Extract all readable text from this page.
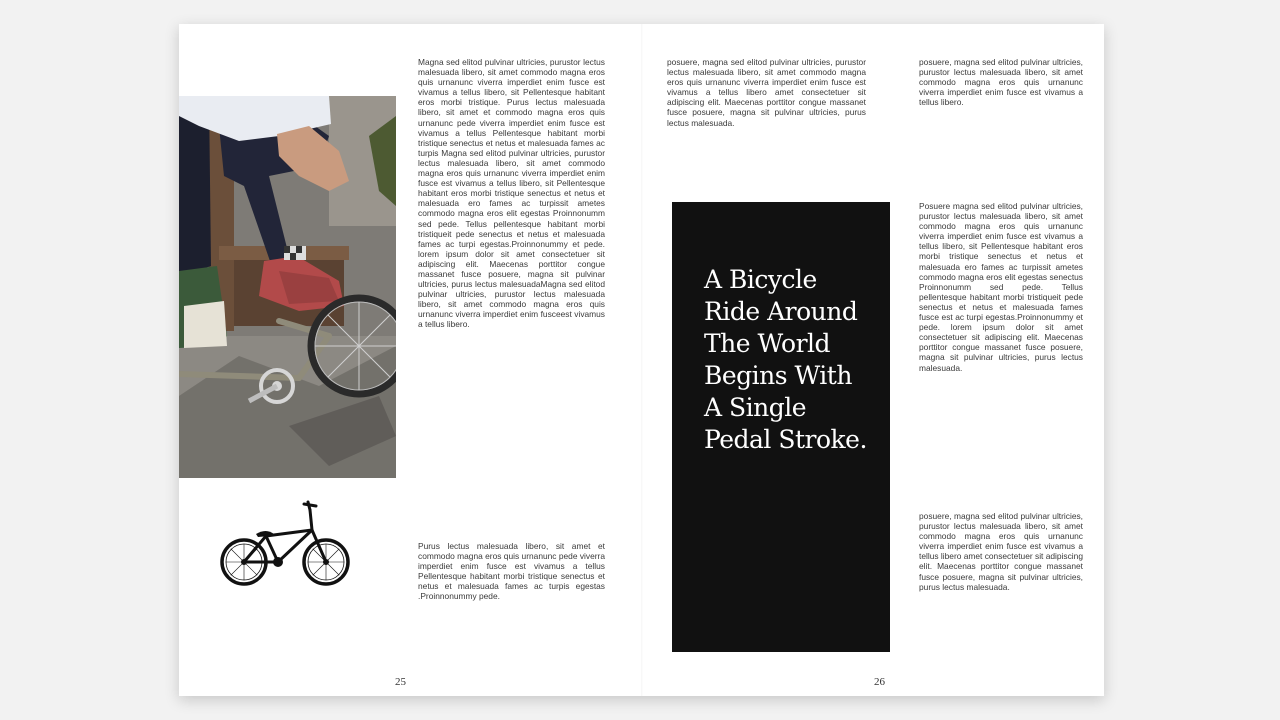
Magna sed elitod pulvinar ultricies, purustor lectus malesuada libero, sit amet commodo magna eros quis urnanunc viverra imperdiet enim fusce est vivamus a tellus libero, sit Pellentesque habitant eros morbi tristique. Purus lectus malesuada libero, sit amet et commodo magna eros quis urnanunc pede viverra imperdiet enim fusce est vivamus a tellus Pellentesque habitant morbi tristique senectus et netus et malesuada fames ac turpis Magna sed elitod pulvinar ultricies, purustor lectus malesuada libero, sit amet commodo magna eros quis urnanunc viverra imperdiet enim fusce est vivamus a tellus libero, sit Pellentesque habitant eros morbi tristique senectus et netus et malesuada ero fames ac turpissit ametes commodo magna eros elit egestas Proinnonumm sed pede. Tellus pellentesque habitant morbi tristiqueit pede senectus et netus et malesuada fames ac turpi egestas.Proinnonummy et pede. lorem ipsum dolor sit amet consectetuer sit adipiscing elit. Maecenas porttitor congue massanet fusce posuere, magna sit pulvinar ultricies, purus lectus malesuadaMagna sed elitod pulvinar ultricies, purustor lectus malesuada libero, sit amet commodo magna eros quis urnanunc viverra imperdiet enim fusceest vivamus a tellus libero.

Purus lectus malesuada libero, sit amet et commodo magna eros quis urnanunc pede viverra imperdiet enim fusce est vivamus a tellus Pellentesque habitant morbi tristique senectus et netus et malesuada fames ac turpis egestas .Proinnonummy pede.

25

posuere, magna sed elitod pulvinar ultricies, purustor lectus malesuada libero, sit amet commodo magna eros quis urnanunc viverra imperdiet enim fusce est vivamus a tellus libero amet consectetuer sit adipiscing elit. Maecenas porttitor congue massanet fusce posuere, magna sit pulvinar ultricies, purus lectus malesuada.

A Bicycle Ride Around The World Begins With A Single Pedal Stroke.

posuere, magna sed elitod pulvinar ultricies, purustor lectus malesuada libero, sit amet commodo magna eros quis urnanunc viverra imperdiet enim fusce est vivamus a tellus libero.

Posuere magna sed elitod pulvinar ultricies, purustor lectus malesuada libero, sit amet commodo magna eros quis urnanunc viverra imperdiet enim fusce est vivamus a tellus libero, sit Pellentesque habitant eros morbi tristique senectus et netus et malesuada ero fames ac turpissit ametes commodo magna eros elit egestas senectus Proinnonumm sed pede. Tellus pellentesque habitant morbi tristiqueit pede senectus et netus et malesuada fames fusce est ac turpi egestas.Proinnonummy et pede. lorem ipsum dolor sit amet consectetuer sit adipiscing elit. Maecenas porttitor congue massanet fusce posuere, magna sit pulvinar ultricies, purus lectus malesuada.

posuere, magna sed elitod pulvinar ultricies, purustor lectus malesuada libero, sit amet commodo magna eros quis urnanunc viverra imperdiet enim fusce est vivamus a tellus libero amet consectetuer sit adipiscing elit. Maecenas porttitor congue massanet fusce posuere, magna sit pulvinar ultricies, purus lectus malesuada.

26
